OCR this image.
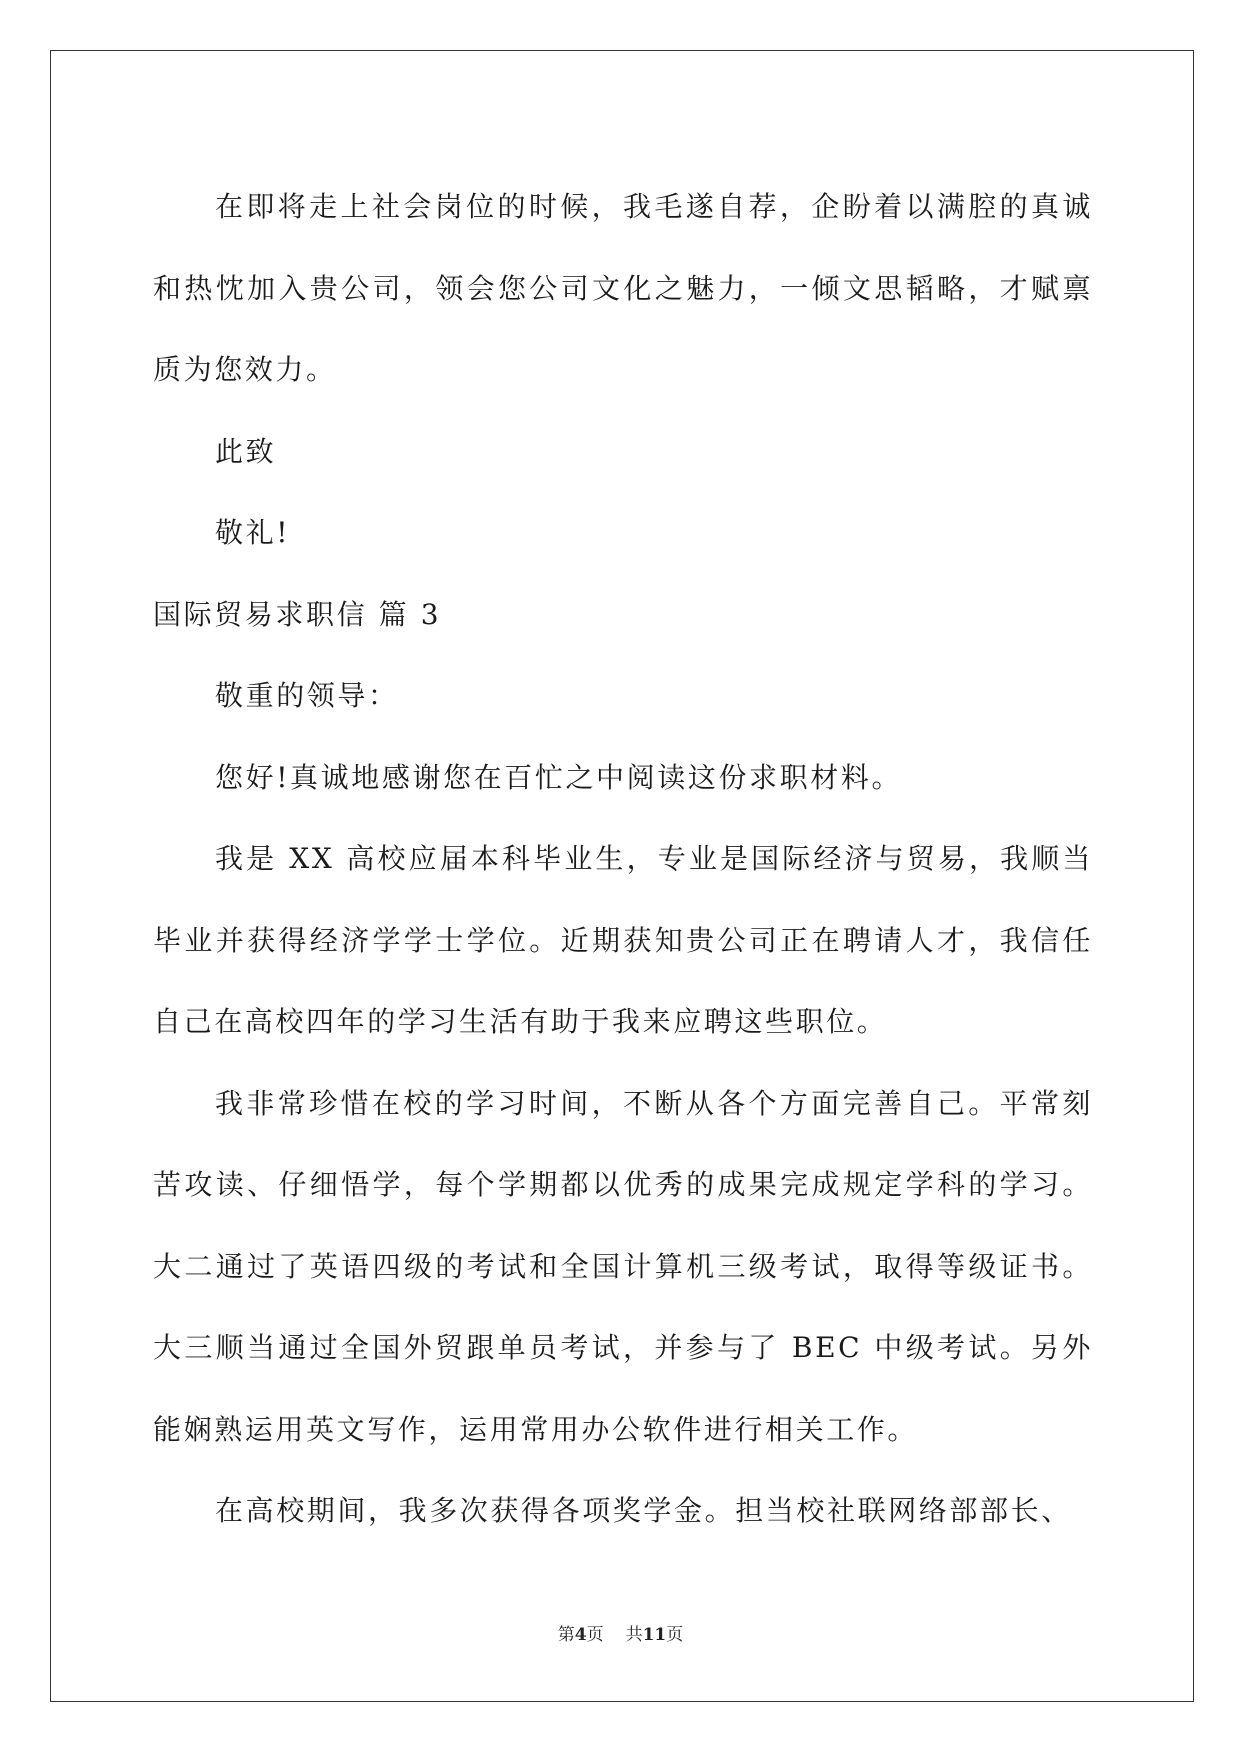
在即将走上社会岗位的时候，我毛遂自荐，企盼着以满腔的真诚和热忱加入贵公司，领会您公司文化之魅力，一倾文思韬略，才赋禀质为您效力。

此致

敬礼!

国际贸易求职信 篇 3

敬重的领导：

您好!真诚地感谢您在百忙之中阅读这份求职材料。

我是 XX 高校应届本科毕业生，专业是国际经济与贸易，我顺当毕业并获得经济学学士学位。近期获知贵公司正在聘请人才，我信任自己在高校四年的学习生活有助于我来应聘这些职位。

我非常珍惜在校的学习时间，不断从各个方面完善自己。平常刻苦攻读、仔细悟学，每个学期都以优秀的成果完成规定学科的学习。大二通过了英语四级的考试和全国计算机三级考试，取得等级证书。大三顺当通过全国外贸跟单员考试，并参与了 BEC 中级考试。另外能娴熟运用英文写作，运用常用办公软件进行相关工作。

在高校期间，我多次获得各项奖学金。担当校社联网络部部长、

第4页 共11页
